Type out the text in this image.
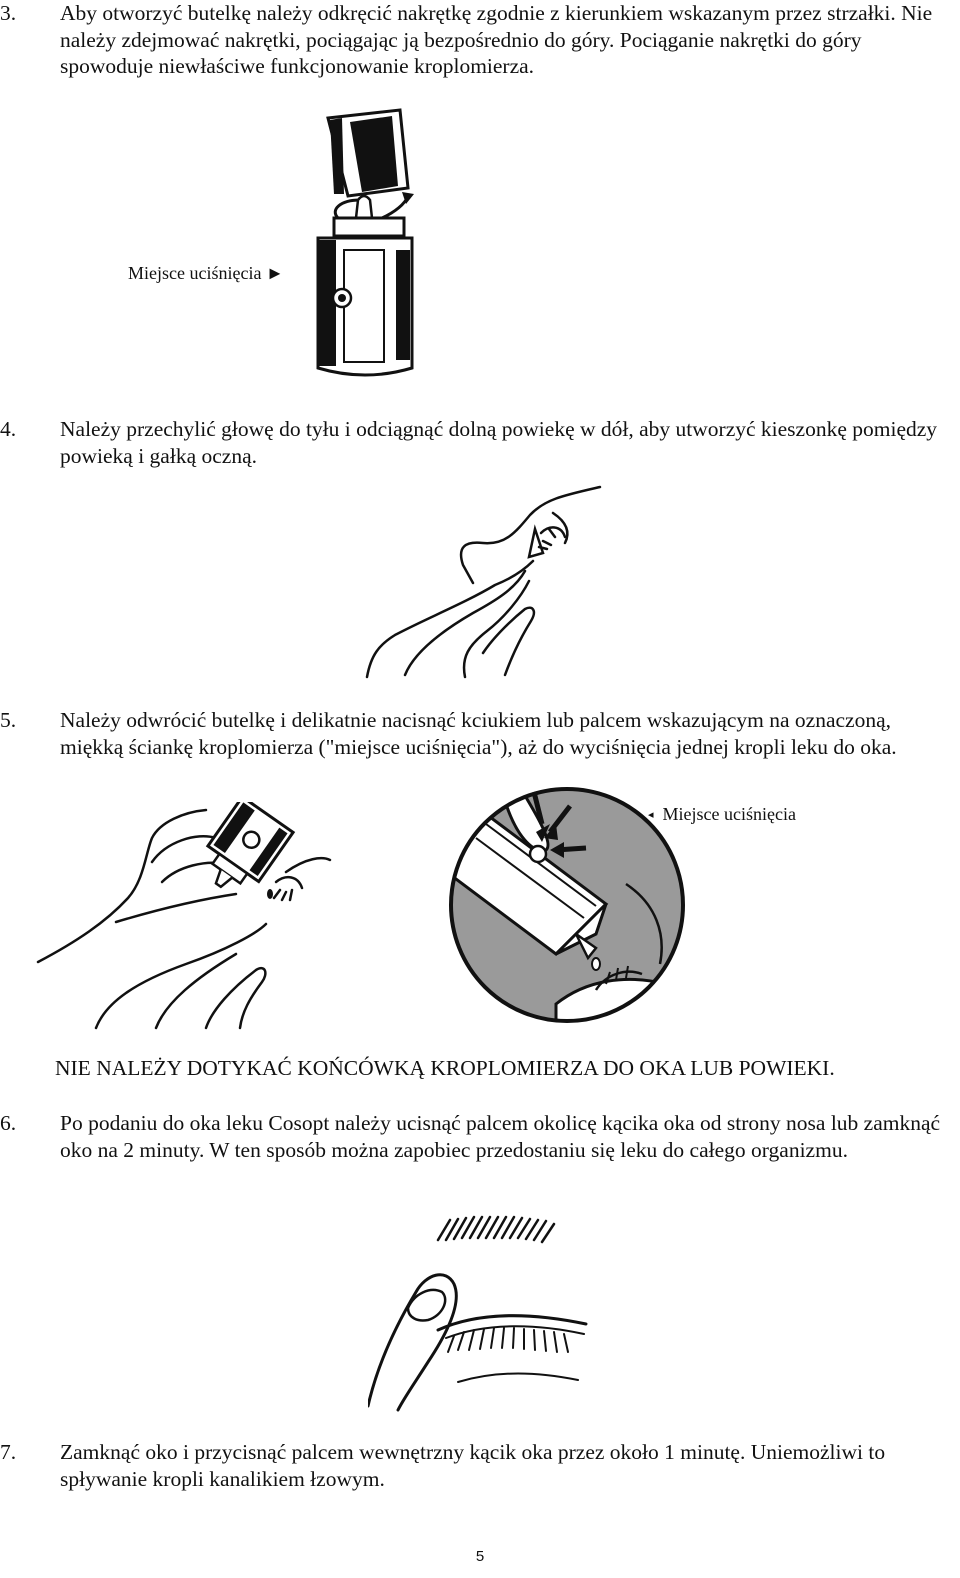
3. Aby otworzyć butelkę należy odkręcić nakrętkę zgodnie z kierunkiem wskazanym przez strzałki. Nie należy zdejmować nakrętki, pociągając ją bezpośrednio do góry. Pociąganie nakrętki do góry spowoduje niewłaściwe funkcjonowanie kroplomierza.
Miejsce uciśnięcia ►
4. Należy przechylić głowę do tyłu i odciągnąć dolną powiekę w dół, aby utworzyć kieszonkę pomiędzy powieką i gałką oczną.
5. Należy odwrócić butelkę i delikatnie nacisnąć kciukiem lub palcem wskazującym na oznaczoną, miękką ściankę kroplomierza ("miejsce uciśnięcia"), aż do wyciśnięcia jednej kropli leku do oka.
◂ Miejsce uciśnięcia
NIE NALEŻY DOTYKAĆ KOŃCÓWKĄ KROPLOMIERZA DO OKA LUB POWIEKI.
6. Po podaniu do oka leku Cosopt należy ucisnąć palcem okolicę kącika oka od strony nosa lub zamknąć oko na 2 minuty. W ten sposób można zapobiec przedostaniu się leku do całego organizmu.
7. Zamknąć oko i przycisnąć palcem wewnętrzny kącik oka przez około 1 minutę. Uniemożliwi to spływanie kropli kanalikiem łzowym.
5
